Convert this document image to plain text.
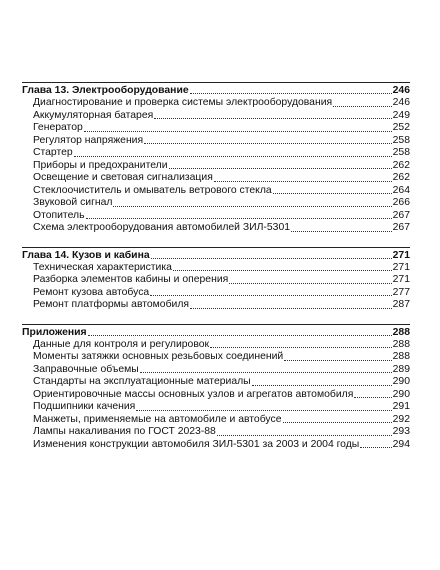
Глава 13. Электрооборудование	246
Диагностирование и проверка системы электрооборудования	246
Аккумуляторная батарея	249
Генератор	252
Регулятор напряжения	258
Стартер	258
Приборы и предохранители	262
Освещение и световая сигнализация	262
Стеклоочиститель и омыватель ветрового стекла	264
Звуковой сигнал	266
Отопитель	267
Схема электрооборудования автомобилей ЗИЛ-5301	267
Глава 14. Кузов и кабина	271
Техническая характеристика	271
Разборка элементов кабины и оперения	271
Ремонт кузова автобуса	277
Ремонт платформы автомобиля	287
Приложения	288
Данные для контроля и регулировок	288
Моменты затяжки основных резьбовых соединений	288
Заправочные объемы	289
Стандарты на эксплуатационные материалы	290
Ориентировочные массы основных узлов и агрегатов автомобиля	290
Подшипники качения	291
Манжеты, применяемые на автомобиле и автобусе	292
Лампы накаливания по ГОСТ 2023-88	293
Изменения конструкции автомобиля ЗИЛ-5301 за 2003 и 2004 годы	294
